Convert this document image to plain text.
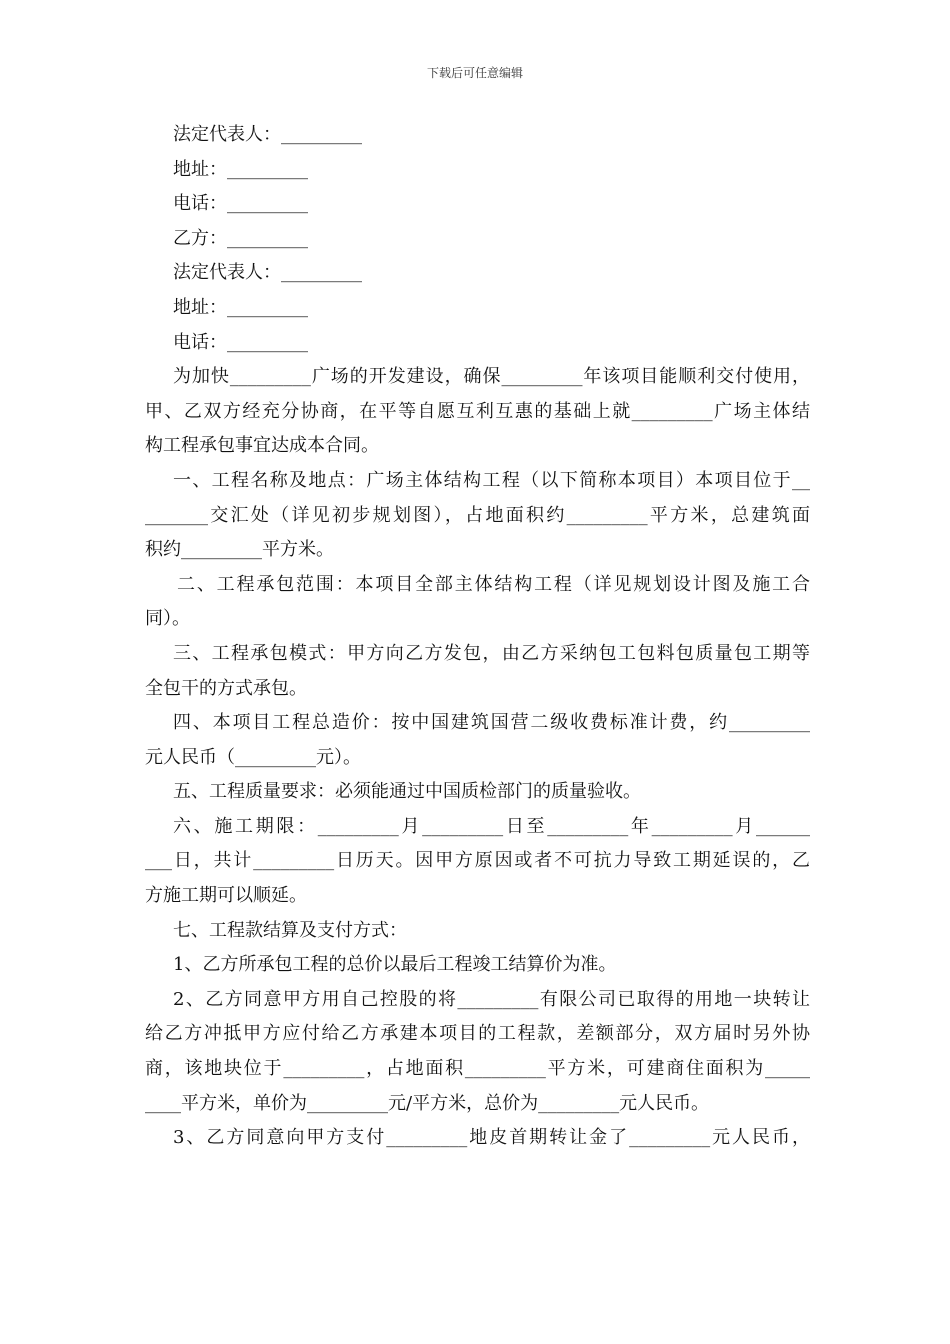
下载后可任意编辑
法定代表人：_________
地址：_________
电话：_________
乙方：_________
法定代表人：_________
地址：_________
电话：_________
为加快_________广场的开发建设，确保_________年该项目能顺利交付使用，
甲、乙双方经充分协商，在平等自愿互利互惠的基础上就_________广场主体结
构工程承包事宜达成本合同。
一、工程名称及地点：广场主体结构工程（以下简称本项目）本项目位于__
_______交汇处（详见初步规划图），占地面积约_________平方米，总建筑面
积约_________平方米。
二、工程承包范围：本项目全部主体结构工程（详见规划设计图及施工合
同）。
三、工程承包模式：甲方向乙方发包，由乙方采纳包工包料包质量包工期等
全包干的方式承包。
四、本项目工程总造价：按中国建筑国营二级收费标准计费，约_________
元人民币（_________元）。
五、工程质量要求：必须能通过中国质检部门的质量验收。
六、施工期限：_________月_________日至_________年_________月______
___日，共计_________日历天。因甲方原因或者不可抗力导致工期延误的，乙
方施工期可以顺延。
七、工程款结算及支付方式：
1、乙方所承包工程的总价以最后工程竣工结算价为准。
2、乙方同意甲方用自己控股的将_________有限公司已取得的用地一块转让
给乙方冲抵甲方应付给乙方承建本项目的工程款，差额部分，双方届时另外协
商，该地块位于_________，占地面积_________平方米，可建商住面积为_____
____平方米，单价为_________元/平方米，总价为_________元人民币。
3、乙方同意向甲方支付_________地皮首期转让金了_________元人民币，
